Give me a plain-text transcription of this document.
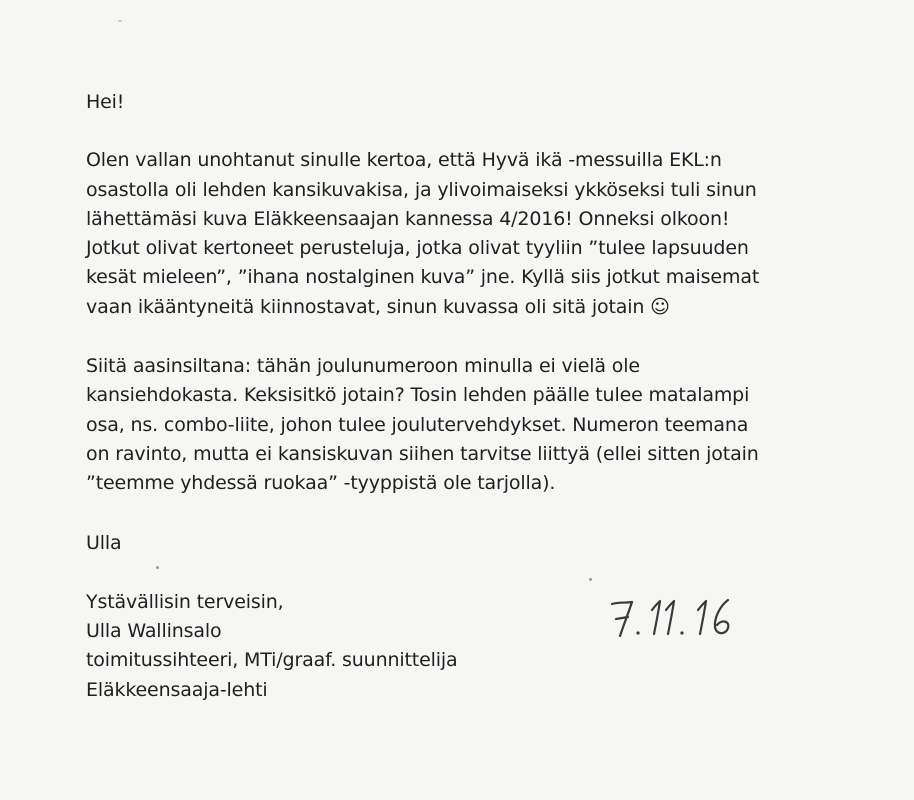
Hei!

Olen vallan unohtanut sinulle kertoa, että Hyvä ikä -messuilla EKL:n

osastolla oli lehden kansikuvakisa, ja ylivoimaiseksi ykköseksi tuli sinun

lähettämäsi kuva Eläkkeensaajan kannessa 4/2016! Onneksi olkoon!

Jotkut olivat kertoneet perusteluja, jotka olivat tyyliin ”tulee lapsuuden

kesät mieleen”, ”ihana nostalginen kuva” jne. Kyllä siis jotkut maisemat

vaan ikääntyneitä kiinnostavat, sinun kuvassa oli sitä jotain ☺

Siitä aasinsiltana: tähän joulunumeroon minulla ei vielä ole

kansiehdokasta. Keksisitkö jotain? Tosin lehden päälle tulee matalampi

osa, ns. combo-liite, johon tulee joulutervehdykset. Numeron teemana

on ravinto, mutta ei kansiskuvan siihen tarvitse liittyä (ellei sitten jotain

”teemme yhdessä ruokaa” -tyyppistä ole tarjolla).

Ulla

Ystävällisin terveisin,

Ulla Wallinsalo

toimitussihteeri, MTi/graaf. suunnittelija

Eläkkeensaaja-lehti
